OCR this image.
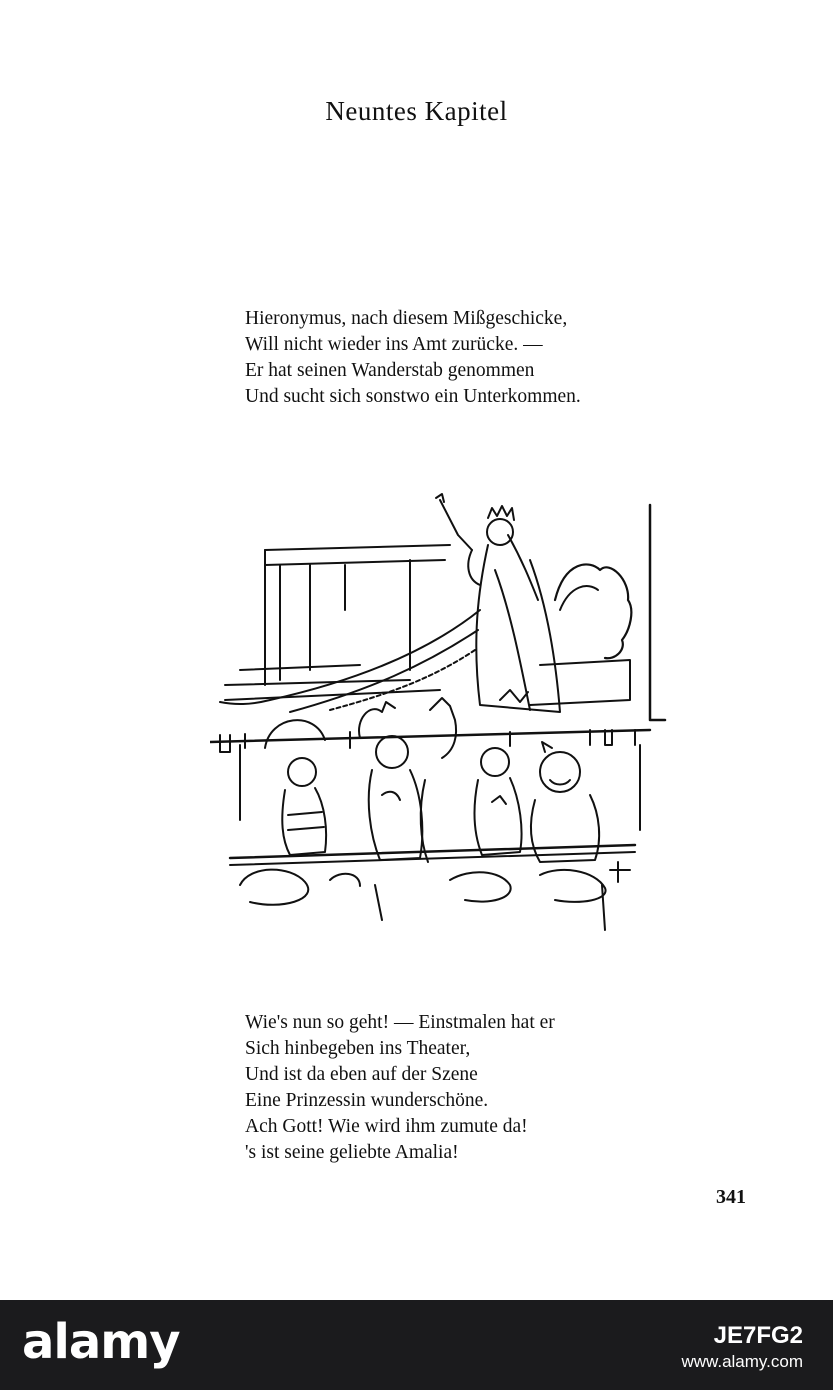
Neuntes Kapitel
Hieronymus, nach diesem Mißgeschicke,
Will nicht wieder ins Amt zurücke. —
Er hat seinen Wanderstab genommen
Und sucht sich sonstwo ein Unterkommen.
Wie's nun so geht! — Einstmalen hat er
Sich hinbegeben ins Theater,
Und ist da eben auf der Szene
Eine Prinzessin wunderschöne.
Ach Gott! Wie wird ihm zumute da!
's ist seine geliebte Amalia!
341
alamy	JE7FG2
www.alamy.com
